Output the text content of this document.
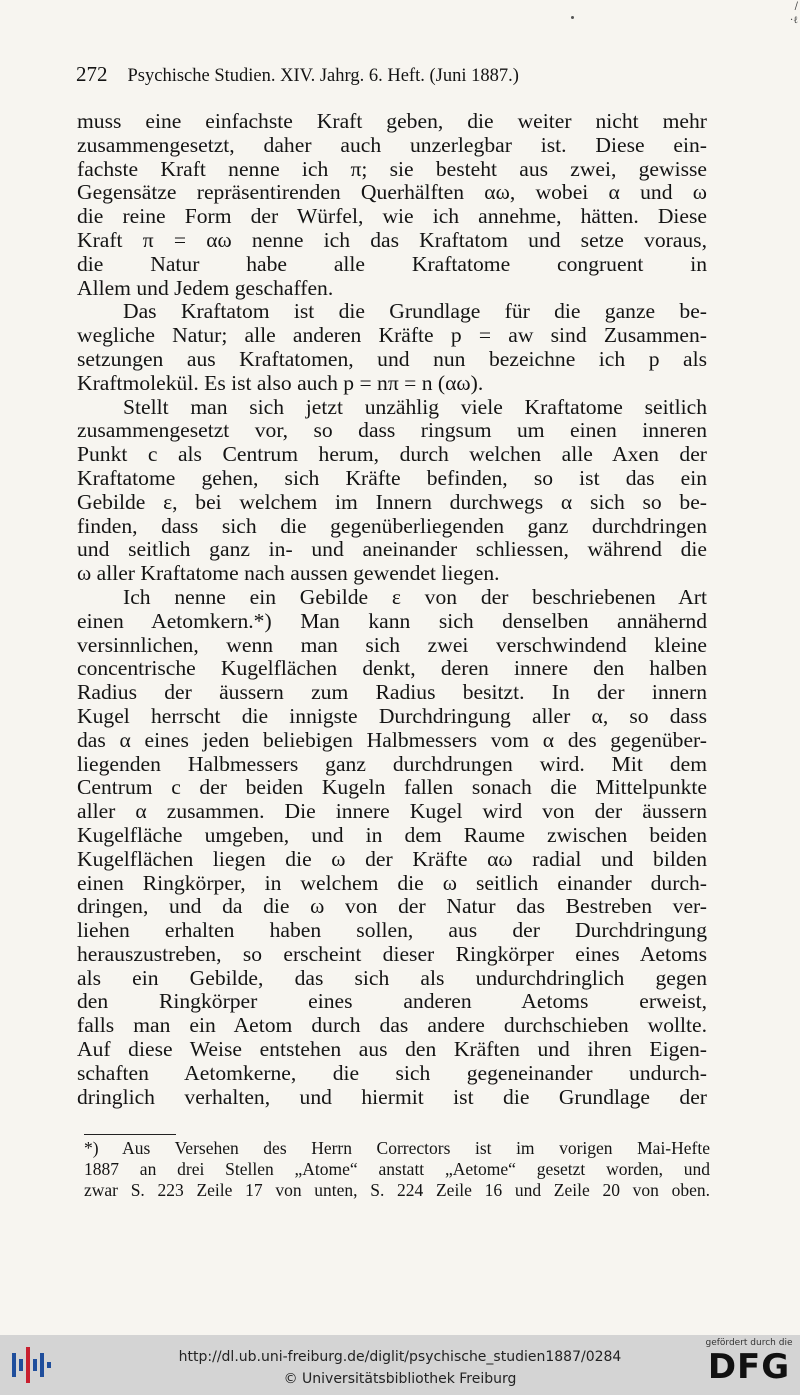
/
·ℓ
272 Psychische Studien. XIV. Jahrg. 6. Heft. (Juni 1887.)
muss eine einfachste Kraft geben, die weiter nicht mehr
zusammengesetzt, daher auch unzerlegbar ist. Diese ein-
fachste Kraft nenne ich π; sie besteht aus zwei, gewisse
Gegensätze repräsentirenden Querhälften αω, wobei α und ω
die reine Form der Würfel, wie ich annehme, hätten. Diese
Kraft π = αω nenne ich das Kraftatom und setze voraus,
die Natur habe alle Kraftatome congruent in
Allem und Jedem geschaffen.
Das Kraftatom ist die Grundlage für die ganze be-
wegliche Natur; alle anderen Kräfte p = aw sind Zusammen-
setzungen aus Kraftatomen, und nun bezeichne ich p als
Kraftmolekül. Es ist also auch p = nπ = n (αω).
Stellt man sich jetzt unzählig viele Kraftatome seitlich
zusammengesetzt vor, so dass ringsum um einen inneren
Punkt c als Centrum herum, durch welchen alle Axen der
Kraftatome gehen, sich Kräfte befinden, so ist das ein
Gebilde ε, bei welchem im Innern durchwegs α sich so be-
finden, dass sich die gegenüberliegenden ganz durchdringen
und seitlich ganz in- und aneinander schliessen, während die
ω aller Kraftatome nach aussen gewendet liegen.
Ich nenne ein Gebilde ε von der beschriebenen Art
einen Aetomkern.*) Man kann sich denselben annähernd
versinnlichen, wenn man sich zwei verschwindend kleine
concentrische Kugelflächen denkt, deren innere den halben
Radius der äussern zum Radius besitzt. In der innern
Kugel herrscht die innigste Durchdringung aller α, so dass
das α eines jeden beliebigen Halbmessers vom α des gegenüber-
liegenden Halbmessers ganz durchdrungen wird. Mit dem
Centrum c der beiden Kugeln fallen sonach die Mittelpunkte
aller α zusammen. Die innere Kugel wird von der äussern
Kugelfläche umgeben, und in dem Raume zwischen beiden
Kugelflächen liegen die ω der Kräfte αω radial und bilden
einen Ringkörper, in welchem die ω seitlich einander durch-
dringen, und da die ω von der Natur das Bestreben ver-
liehen erhalten haben sollen, aus der Durchdringung
herauszustreben, so erscheint dieser Ringkörper eines Aetoms
als ein Gebilde, das sich als undurchdringlich gegen
den Ringkörper eines anderen Aetoms erweist,
falls man ein Aetom durch das andere durchschieben wollte.
Auf diese Weise entstehen aus den Kräften und ihren Eigen-
schaften Aetomkerne, die sich gegeneinander undurch-
dringlich verhalten, und hiermit ist die Grundlage der
*) Aus Versehen des Herrn Correctors ist im vorigen Mai-Hefte
1887 an drei Stellen „Atome“ anstatt „Aetome“ gesetzt worden, und
zwar S. 223 Zeile 17 von unten, S. 224 Zeile 16 und Zeile 20 von oben.
http://dl.ub.uni-freiburg.de/diglit/psychische_studien1887/0284
© Universitätsbibliothek Freiburg
gefördert durch die
DFG
